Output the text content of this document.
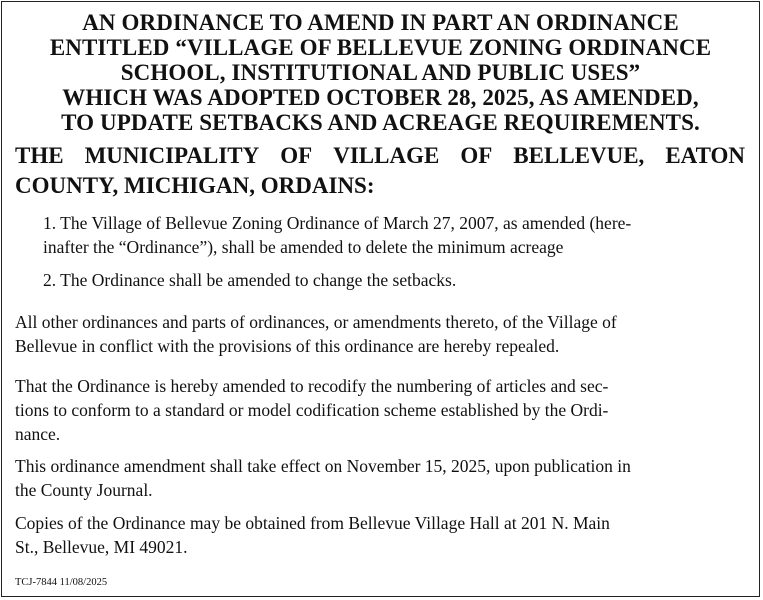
AN ORDINANCE TO AMEND IN PART AN ORDINANCE
ENTITLED “VILLAGE OF BELLEVUE ZONING ORDINANCE
SCHOOL, INSTITUTIONAL AND PUBLIC USES”
WHICH WAS ADOPTED OCTOBER 28, 2025, AS AMENDED,
TO UPDATE SETBACKS AND ACREAGE REQUIREMENTS.
THE MUNICIPALITY OF VILLAGE OF BELLEVUE, EATON
COUNTY, MICHIGAN, ORDAINS:
1. The Village of Bellevue Zoning Ordinance of March 27, 2007, as amended (here-
inafter the “Ordinance”), shall be amended to delete the minimum acreage
2. The Ordinance shall be amended to change the setbacks.
All other ordinances and parts of ordinances, or amendments thereto, of the Village of
Bellevue in conflict with the provisions of this ordinance are hereby repealed.
That the Ordinance is hereby amended to recodify the numbering of articles and sec-
tions to conform to a standard or model codification scheme established by the Ordi-
nance.
This ordinance amendment shall take effect on November 15, 2025, upon publication in
the County Journal.
Copies of the Ordinance may be obtained from Bellevue Village Hall at 201 N. Main
St., Bellevue, MI 49021.
TCJ-7844 11/08/2025
